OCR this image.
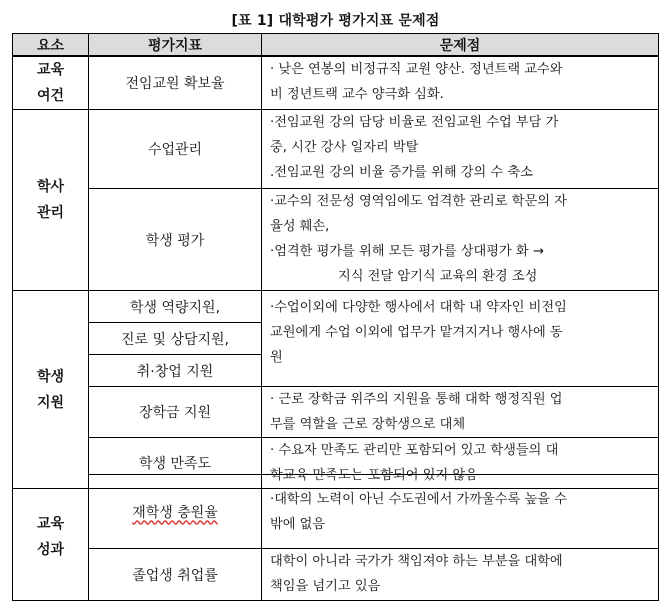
[표 1] 대학평가 평가지표 문제점
요소	평가지표	문제점

교육
여건	전임교원 확보율	· 낮은 연봉의 비정규직 교원 양산. 정년트랙 교수와
비 정년트랙 교수 양극화 심화.

학사
관리	수업관리	·전임교원 강의 담당 비율로 전임교원 수업 부담 가
중, 시간 강사 일자리 박탈
.전임교원 강의 비율 증가를 위해 강의 수 축소

	학생 평가	·교수의 전문성 영역임에도 엄격한 관리로 학문의 자
율성 훼손,
·엄격한 평가를 위해 모든 평가를 상대평가 화 →
지식 전달 암기식 교육의 환경 조성

학생
지원	학생 역량지원,	·수업이외에 다양한 행사에서 대학 내 약자인 비전임
교원에게 수업 이외에 업무가 맡겨지거나 행사에 동
원

	진로 및 상담지원,	
	취·창업 지원	
	장학금 지원	· 근로 장학금 위주의 지원을 통해 대학 행정직원 업
무를 역할을 근로 장학생으로 대체

	학생 만족도	· 수요자 만족도 관리만 포함되어 있고 학생들의 대
학교육 만족도는 포함되어 있지 않음
교육
성과	재학생 충원율	·대학의 노력이 아닌 수도권에서 가까울수록 높을 수
밖에 없음

	졸업생 취업률	대학이 아니라 국가가 책임져야 하는 부분을 대학에
책임을 넘기고 있음
